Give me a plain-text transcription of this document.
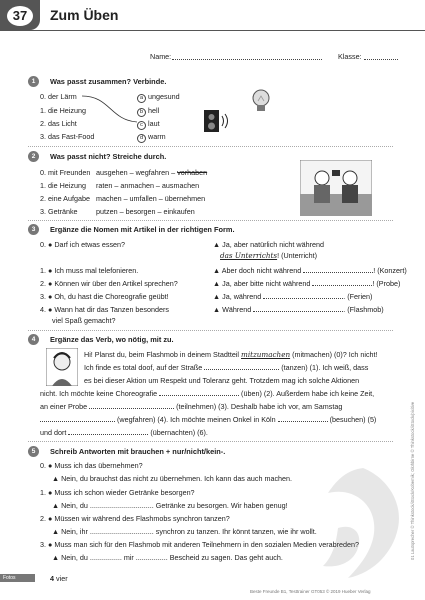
37	Zum Üben
Name:	Klasse:
1	Was passt zusammen? Verbinde.
0. der Lärm
1. die Heizung
2. das Licht
3. das Fast-Food
a ungesund
b hell
c laut
d warm
2	Was passt nicht? Streiche durch.
0. mit Freunden ausgehen – wegfahren – vorhaben
1. die Heizung raten – anmachen – ausmachen
2. eine Aufgabe machen – umfallen – übernehmen
3. Getränke	putzen – besorgen – einkaufen
3	Ergänze die Nomen mit Artikel in der richtigen Form.
0. ● Darf ich etwas essen?	▲ Ja, aber natürlich nicht während
das Unterrichts! (Unterricht)
1. ● Ich muss mal telefonieren.	▲ Aber doch nicht während	! (Konzert)
2. ● Können wir über den Artikel sprechen?	▲ Ja, aber bitte nicht während	! (Probe)
3. ● Oh, du hast die Choreografie geübt!	▲ Ja, während	. (Ferien)
4. ● Wann hat dir das Tanzen besonders
viel Spaß gemacht?
▲ Während	. (Flashmob)
4	Ergänze das Verb, wo nötig, mit zu.
Hi! Planst du, beim Flashmob in deinem Stadtteil mitzumachen (mitmachen) (0)? Ich nicht!
Ich finde es total doof, auf der Straße	(tanzen) (1). Ich weiß, dass
es bei dieser Aktion um Respekt und Toleranz geht. Trotzdem mag ich solche Aktionen
nicht. Ich möchte keine Choreografie	(üben) (2). Außerdem habe ich keine Zeit,
an einer Probe	(teilnehmen) (3). Deshalb habe ich vor, am Samstag
(wegfahren) (4). Ich möchte meinen Onkel in Köln	(besuchen) (5)
und dort	(übernachten) (6).
5	Schreib Antworten mit brauchen + nur/nicht/kein-.
0. ● Muss ich das übernehmen?
▲ Nein, du brauchst das nicht zu übernehmen. Ich kann das auch machen.
1. ● Muss ich schon wieder Getränke besorgen?
▲ Nein, du ................................ Getränke zu besorgen. Wir haben genug!
2. ● Müssen wir während des Flashmobs synchron tanzen?
▲ Nein, ihr ................................ synchron zu tanzen. Ihr könnt tanzen, wie ihr wollt.
3. ● Muss man sich für den Flashmob mit anderen Teilnehmern in den sozialen Medien verabreden?
▲ Nein, du ................ mir ................ Bescheid zu sagen. Das geht auch.	01 Lautsprecher © Thinkstock/iStock/Kobernik; Glühbirne © Thinkstock/iStock/pixitive
Fotos	4 vier
Beste Freunde B1, Testtrainer GT053 © 2019 Hueber Verlag
